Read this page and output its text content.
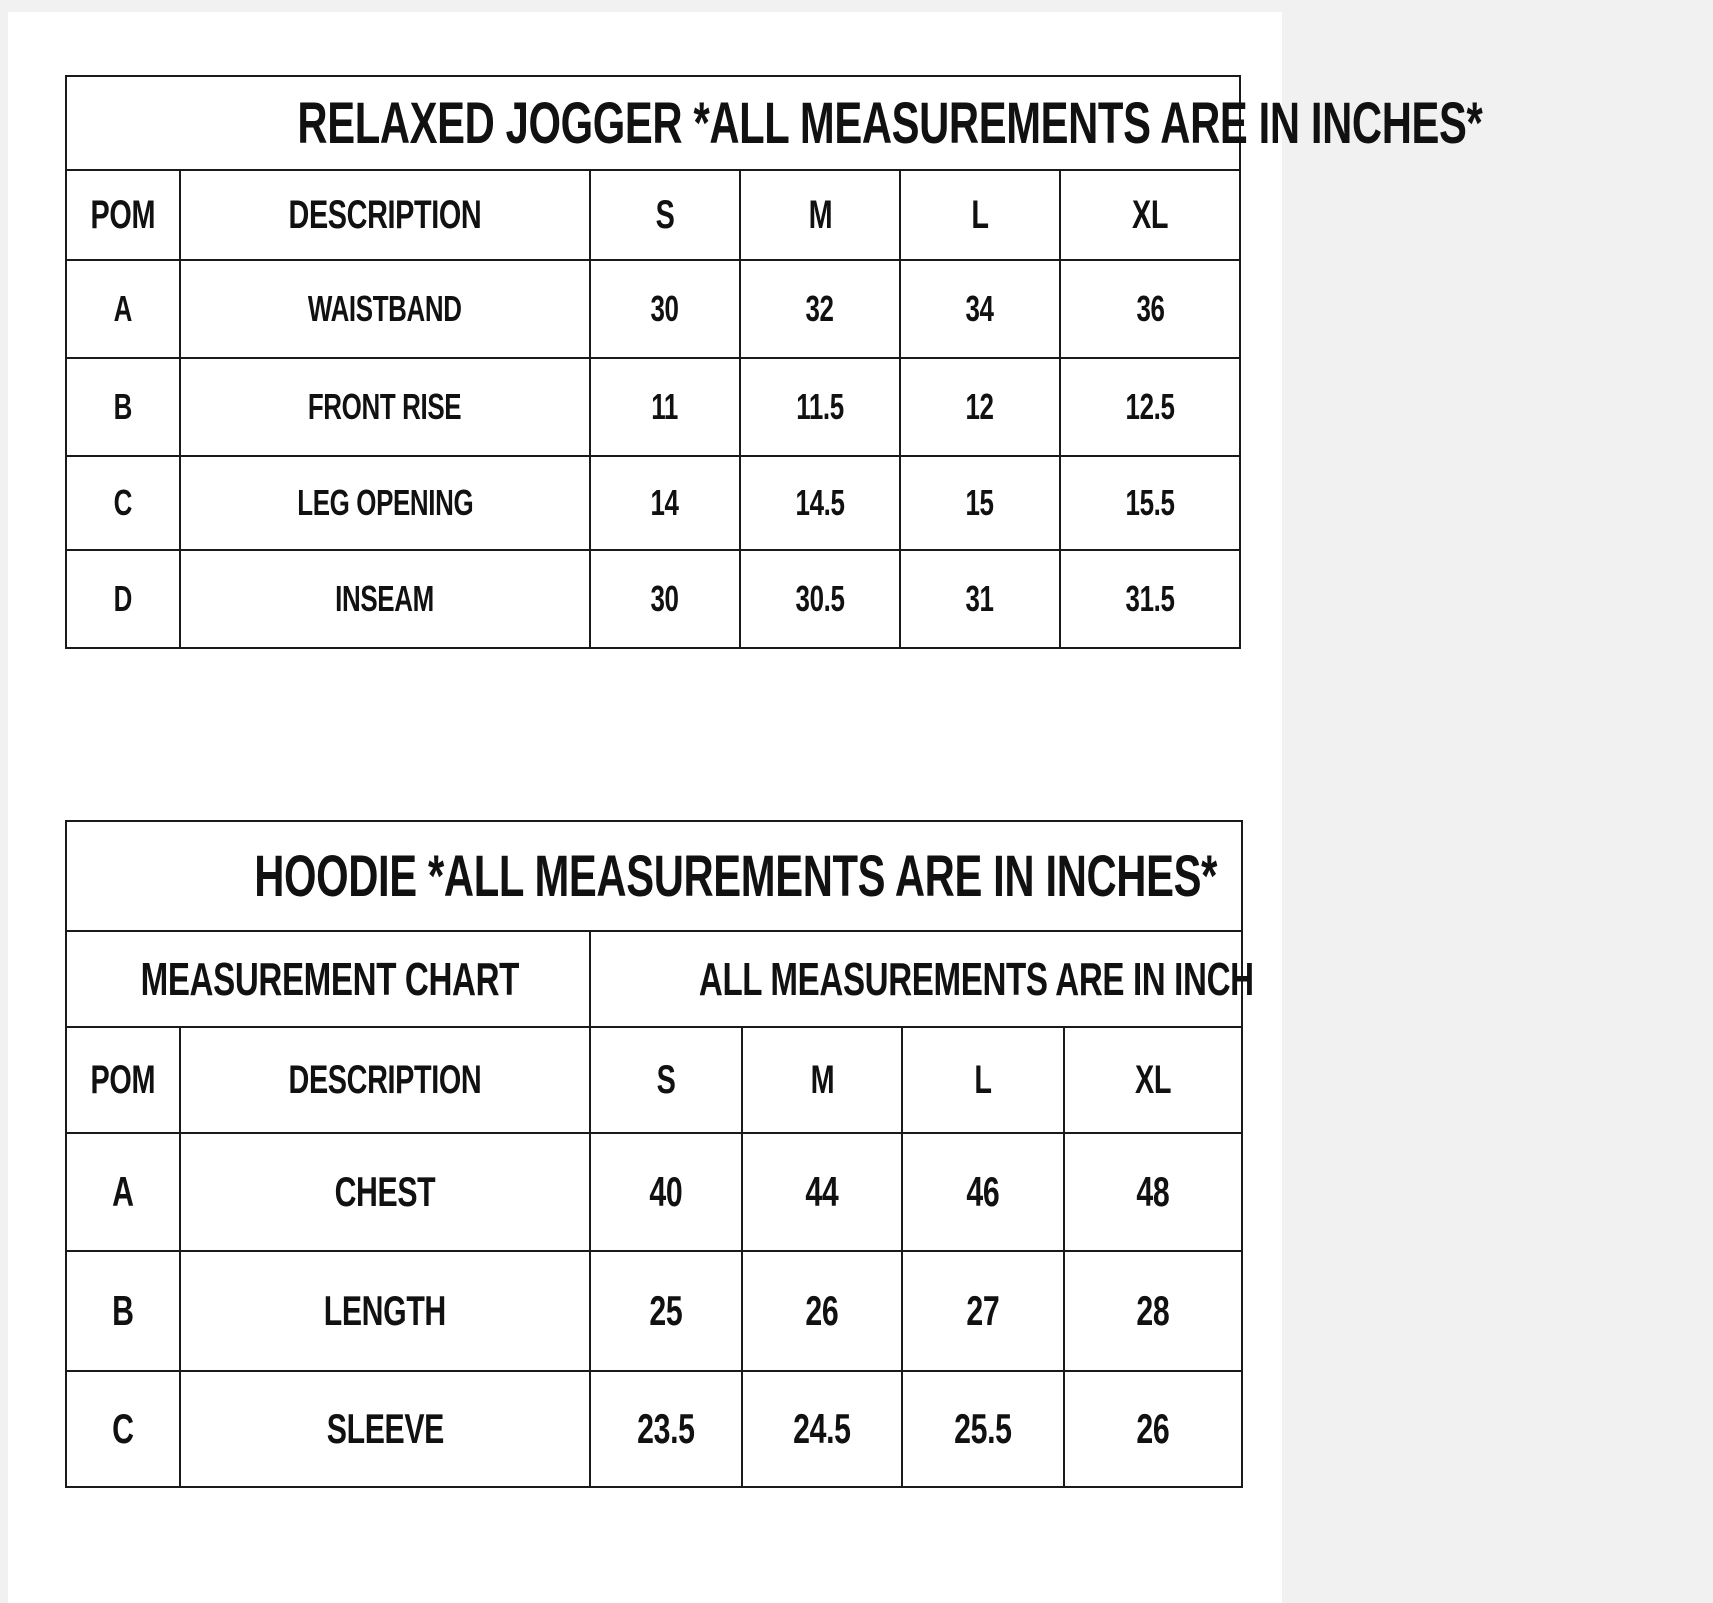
RELAXED JOGGER *ALL MEASUREMENTS ARE IN INCHES*					
POM	DESCRIPTION	S	M	L	XL
A	WAISTBAND	30	32	34	36
B	FRONT RISE	11	11.5	12	12.5
C	LEG OPENING	14	14.5	15	15.5
D	INSEAM	30	30.5	31	31.5
HOODIE *ALL MEASUREMENTS ARE IN INCHES*					
MEASUREMENT CHART		ALL MEASUREMENTS ARE IN INCH			
POM	DESCRIPTION	S	M	L	XL
A	CHEST	40	44	46	48
B	LENGTH	25	26	27	28
C	SLEEVE	23.5	24.5	25.5	26
